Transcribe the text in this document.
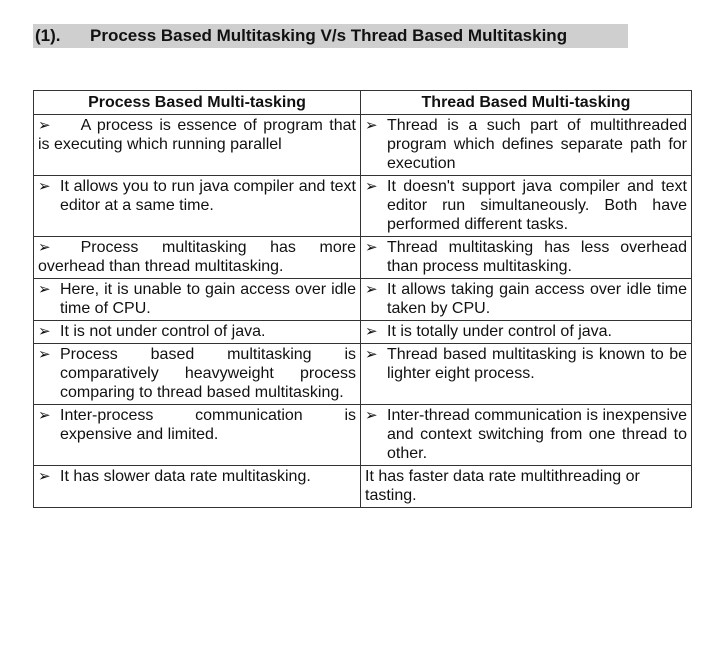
(1). Process Based Multitasking V/s Thread Based Multitasking
Process Based Multi-tasking	Thread Based Multi-tasking

➢ A process is essence of program that is executing which running parallel	➢ Thread is a such part of multithreaded program which defines separate path for execution

➢ It allows you to run java compiler and text editor at a same time.	➢ It doesn't support java compiler and text editor run simultaneously. Both have performed different tasks.

➢ Process multitasking has more overhead than thread multitasking.	➢ Thread multitasking has less overhead than process multitasking.

➢ Here, it is unable to gain access over idle time of CPU.	➢ It allows taking gain access over idle time taken by CPU.

➢ It is not under control of java.	➢ It is totally under control of java.

➢ Process based multitasking is comparatively heavyweight process comparing to thread based multitasking.	➢ Thread based multitasking is known to be lighter eight process.

➢ Inter-process communication is expensive and limited.	➢ Inter-thread communication is inexpensive and context switching from one thread to other.

➢ It has slower data rate multitasking.	It has faster data rate multithreading or tasting.
